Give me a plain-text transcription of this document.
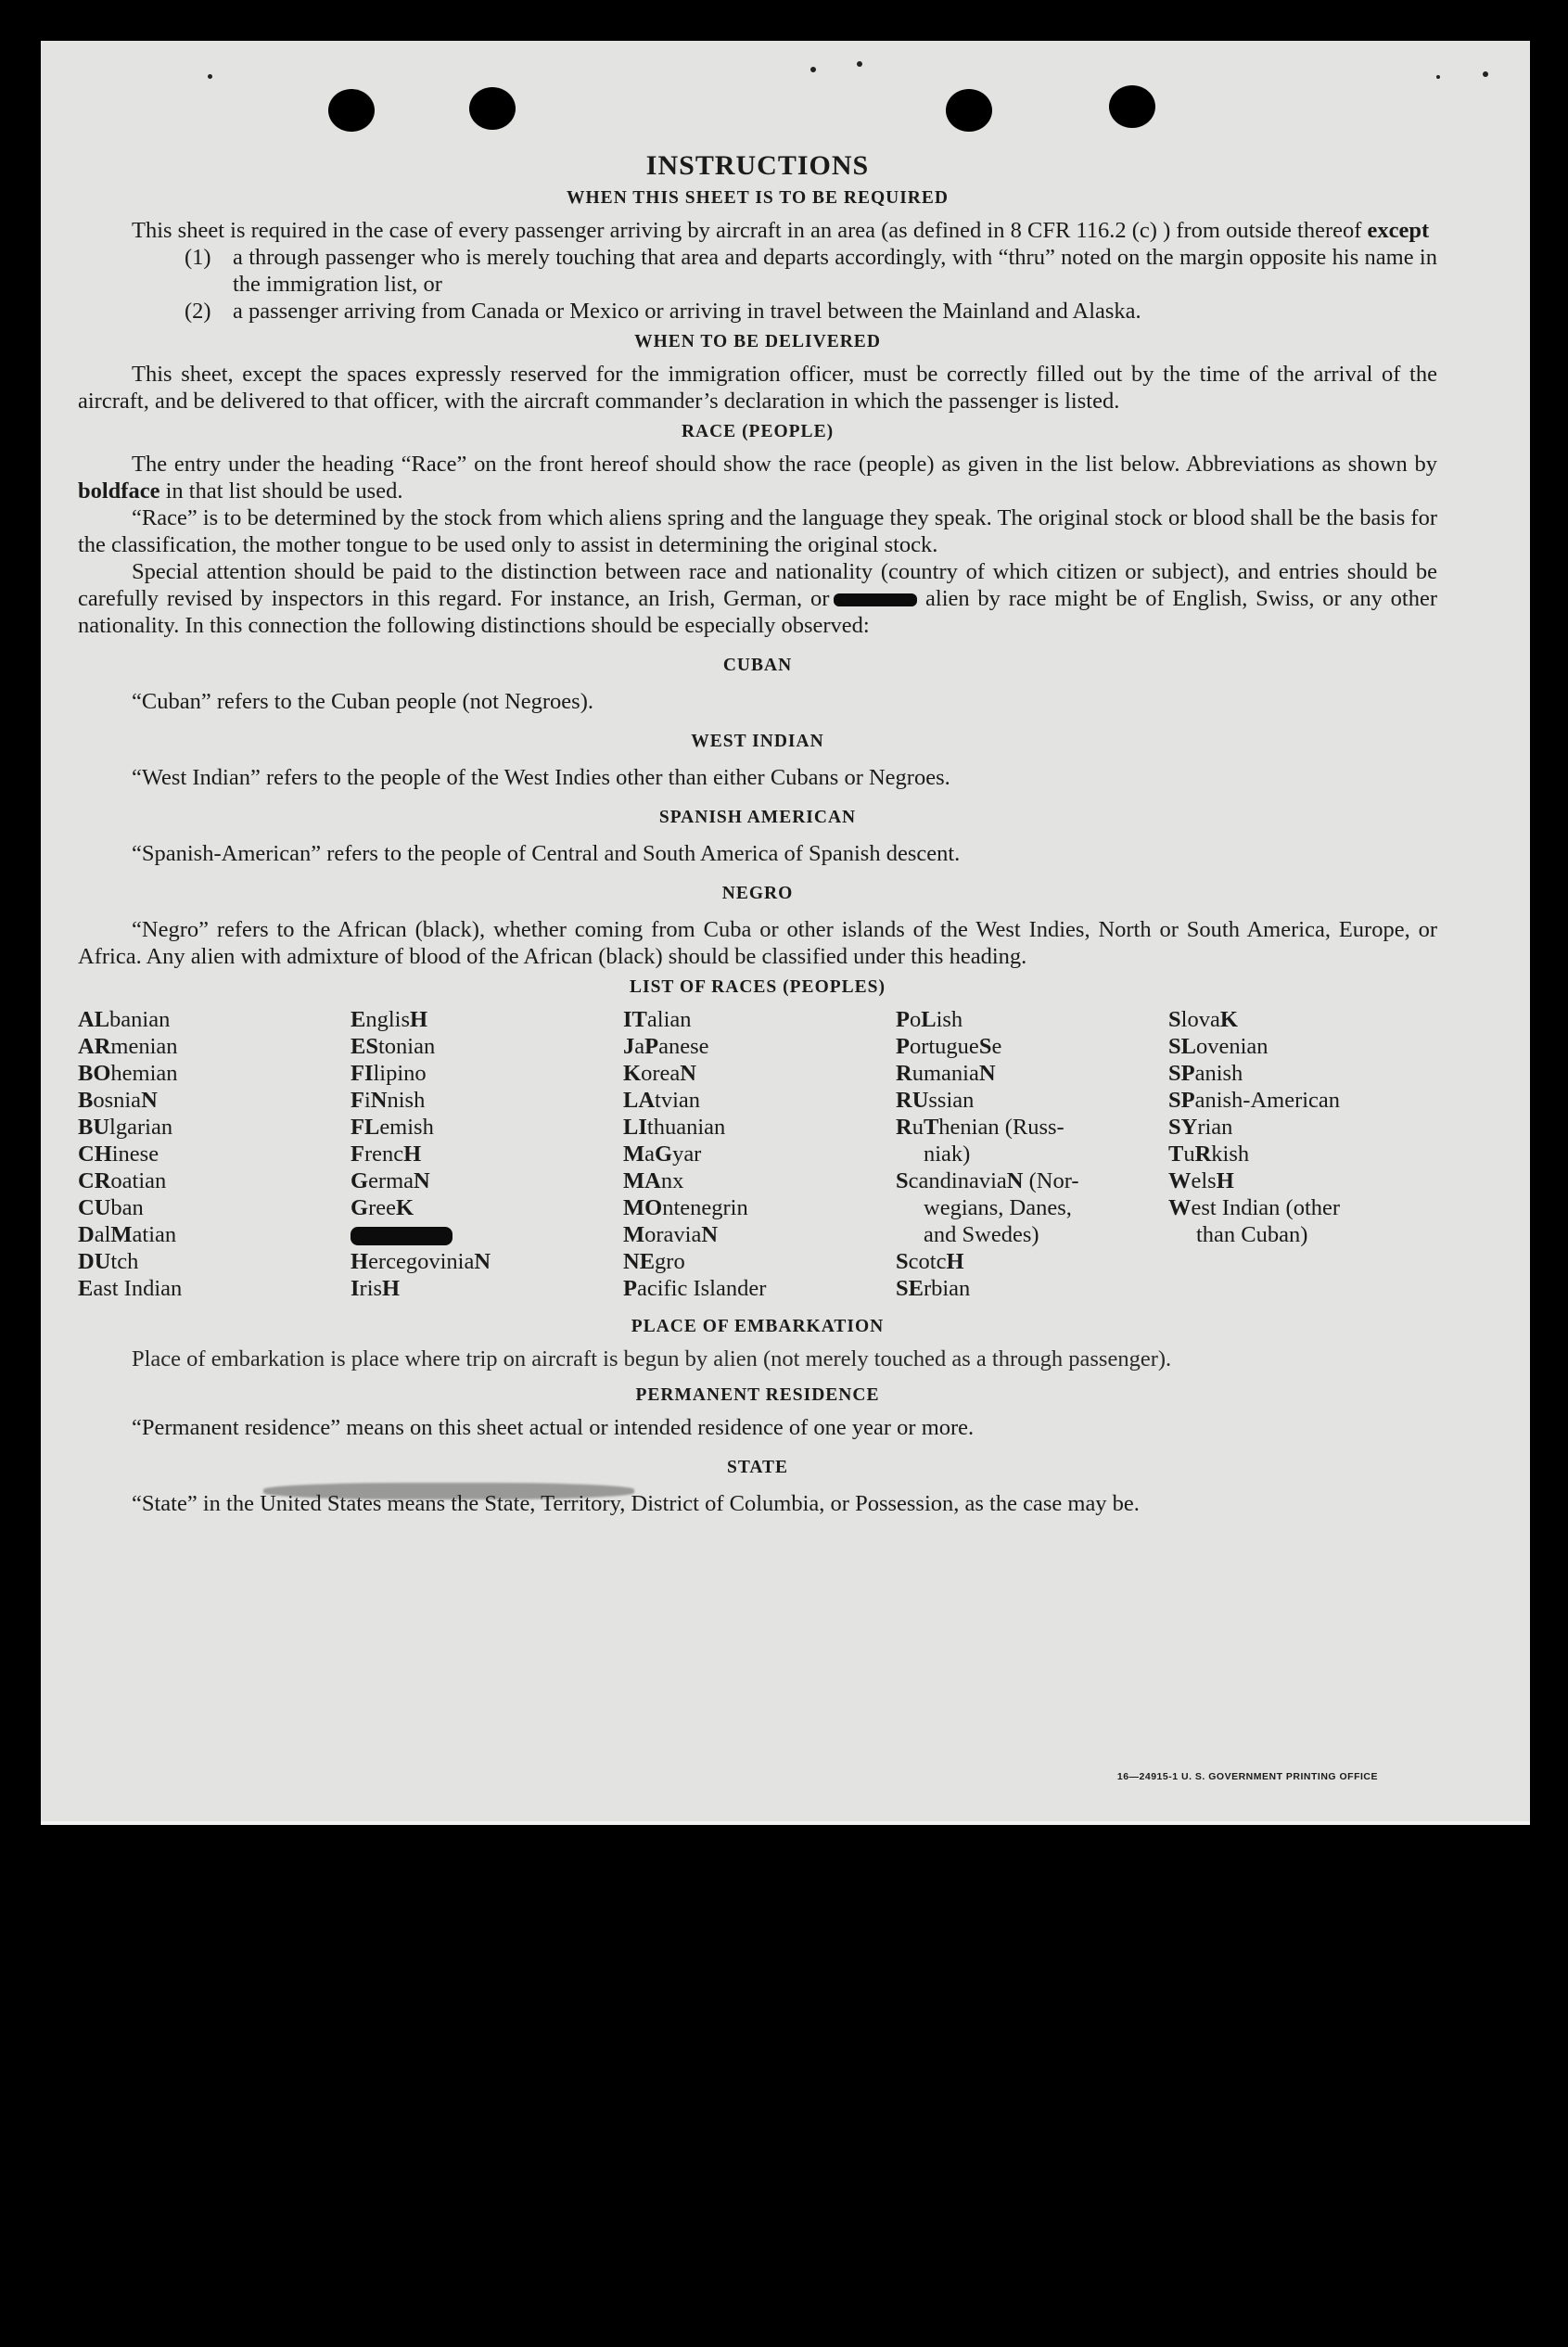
INSTRUCTIONS
WHEN THIS SHEET IS TO BE REQUIRED

This sheet is required in the case of every passenger arriving by aircraft in an area (as defined in 8 CFR 116.2 (c) ) from outside thereof except

(1) a through passenger who is merely touching that area and departs accordingly, with “thru” noted on the margin opposite his name in the immigration list, or
(2) a passenger arriving from Canada or Mexico or arriving in travel between the Mainland and Alaska.
WHEN TO BE DELIVERED

This sheet, except the spaces expressly reserved for the immigration officer, must be correctly filled out by the time of the arrival of the aircraft, and be delivered to that officer, with the aircraft commander’s declaration in which the passenger is listed.

RACE (PEOPLE)

The entry under the heading “Race” on the front hereof should show the race (people) as given in the list below. Abbreviations as shown by boldface in that list should be used.

“Race” is to be determined by the stock from which aliens spring and the language they speak. The original stock or blood shall be the basis for the classification, the mother tongue to be used only to assist in determining the original stock.

Special attention should be paid to the distinction between race and nationality (country of which citizen or subject), and entries should be carefully revised by inspectors in this regard. For instance, an Irish, German, or	alien by race might be of English, Swiss, or any other nationality. In this connection the following distinctions should be especially observed:

CUBAN

“Cuban” refers to the Cuban people (not Negroes).

WEST INDIAN

“West Indian” refers to the people of the West Indies other than either Cubans or Negroes.

SPANISH AMERICAN

“Spanish-American” refers to the people of Central and South America of Spanish descent.

NEGRO

“Negro” refers to the African (black), whether coming from Cuba or other islands of the West Indies, North or South America, Europe, or Africa. Any alien with admixture of blood of the African (black) should be classified under this heading.

LIST OF RACES (PEOPLES)
ALbanian
ARmenian
BOhemian
BosniaN
BUlgarian
CHinese
CRoatian
CUban
DalMatian
DUtch
East Indian
EnglisH
EStonian
FIlipino
FiNnish
FLemish
FrencH
GermaN
GreeK
HercegoviniaN
IrisH
ITalian
JaPanese
KoreaN
LAtvian
LIthuanian
MaGyar
MAnx
MOntenegrin
MoraviaN
NEgro
Pacific Islander
PoLish
PortugueSe
RumaniaN
RUssian
RuThenian (Russ-
niak)
ScandinaviaN (Nor-
wegians, Danes,
and Swedes)
ScotcH
SErbian
SlovaK
SLovenian
SPanish
SPanish-American
SYrian
TuRkish
WelsH
West Indian (other
than Cuban)
PLACE OF EMBARKATION

Place of embarkation is place where trip on aircraft is begun by alien (not merely touched as a through passenger).

PERMANENT RESIDENCE

“Permanent residence” means on this sheet actual or intended residence of one year or more.

STATE

“State” in the United States means the State, Territory, District of Columbia, or Possession, as the case may be.

16—24915-1 U. S. GOVERNMENT PRINTING OFFICE
